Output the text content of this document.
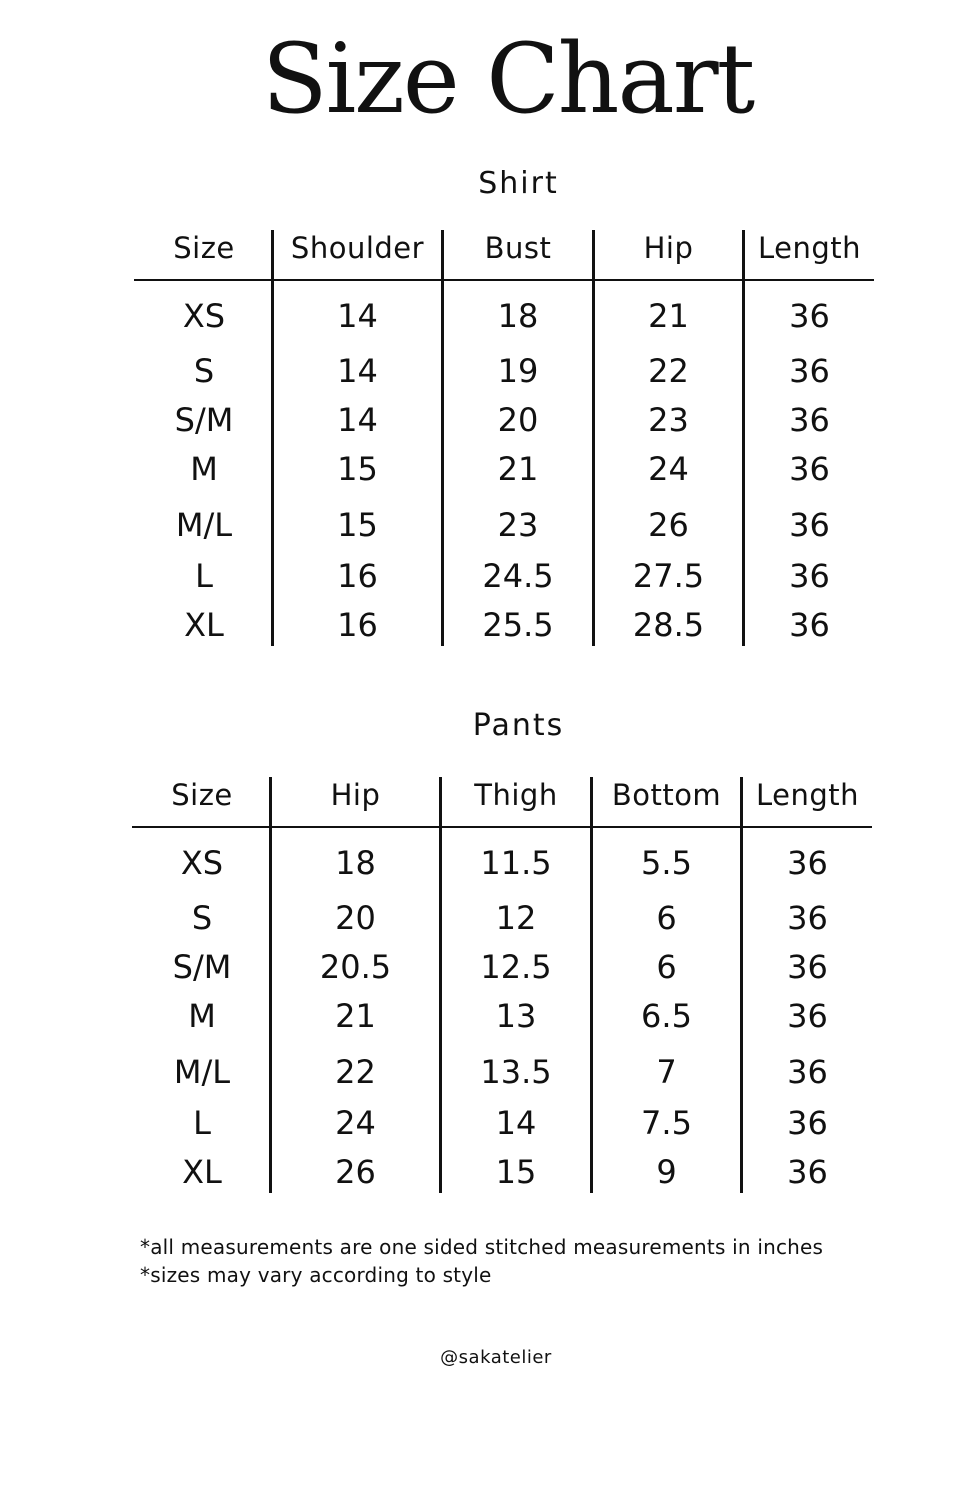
Size Chart
Shirt
Size	Shoulder	Bust	Hip	Length
XS	14	18	21	36
S	14	19	22	36
S/M	14	20	23	36
M	15	21	24	36
M/L	15	23	26	36
L	16	24.5	27.5	36
XL	16	25.5	28.5	36
Pants
Size	Hip	Thigh	Bottom	Length
XS	18	11.5	5.5	36
S	20	12	6	36
S/M	20.5	12.5	6	36
M	21	13	6.5	36
M/L	22	13.5	7	36
L	24	14	7.5	36
XL	26	15	9	36
*all measurements are one sided stitched measurements in inches
*sizes may vary according to style
@sakatelier
